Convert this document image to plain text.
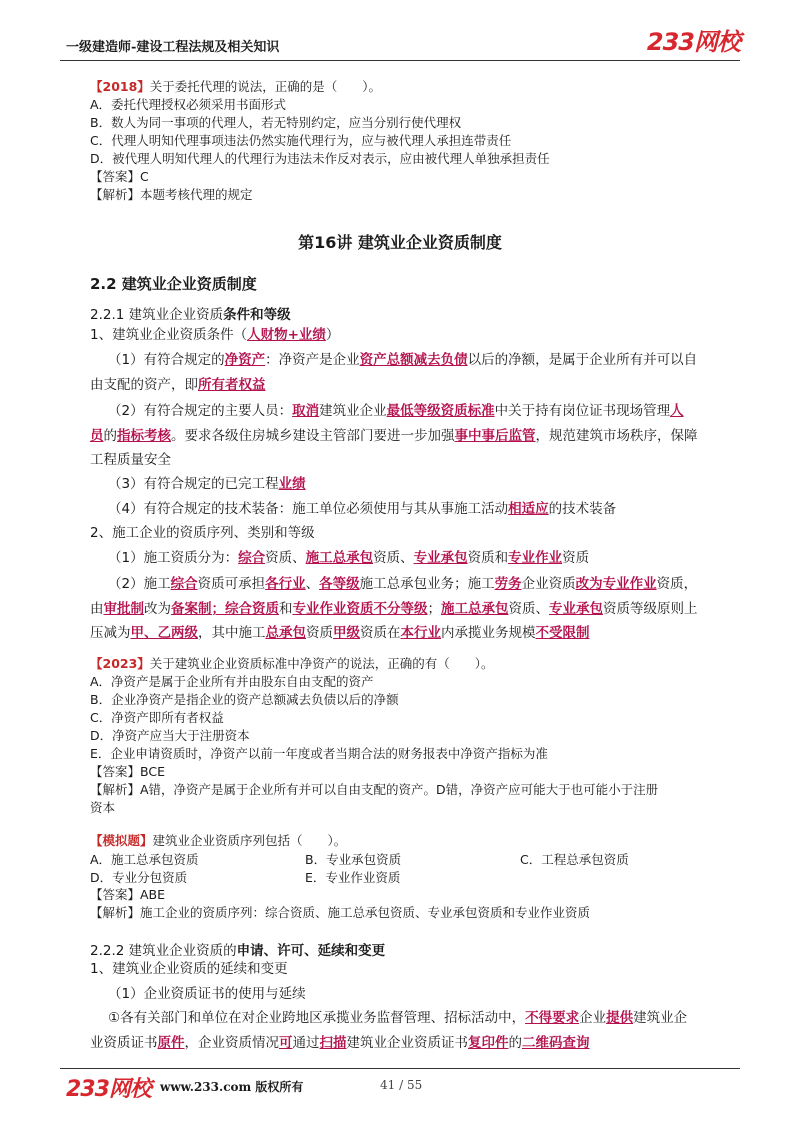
一级建造师-建设工程法规及相关知识	233网校
【2018】关于委托代理的说法，正确的是（　　）。
A．委托代理授权必须采用书面形式
B．数人为同一事项的代理人，若无特别约定，应当分别行使代理权
C．代理人明知代理事项违法仍然实施代理行为，应与被代理人承担连带责任
D．被代理人明知代理人的代理行为违法未作反对表示，应由被代理人单独承担责任
【答案】C
【解析】本题考核代理的规定
第16讲 建筑业企业资质制度
2.2 建筑业企业资质制度
2.2.1 建筑业企业资质条件和等级
1、建筑业企业资质条件（人财物+业绩）
（1）有符合规定的净资产：净资产是企业资产总额减去负债以后的净额，是属于企业所有并可以自
由支配的资产，即所有者权益
（2）有符合规定的主要人员：取消建筑业企业最低等级资质标准中关于持有岗位证书现场管理人
员的指标考核。要求各级住房城乡建设主管部门要进一步加强事中事后监管，规范建筑市场秩序，保障
工程质量安全
（3）有符合规定的已完工程业绩
（4）有符合规定的技术装备：施工单位必须使用与其从事施工活动相适应的技术装备
2、施工企业的资质序列、类别和等级
（1）施工资质分为：综合资质、施工总承包资质、专业承包资质和专业作业资质
（2）施工综合资质可承担各行业、各等级施工总承包业务；施工劳务企业资质改为专业作业资质，
由审批制改为备案制；综合资质和专业作业资质不分等级；施工总承包资质、专业承包资质等级原则上
压减为甲、乙两级，其中施工总承包资质甲级资质在本行业内承揽业务规模不受限制
【2023】关于建筑业企业资质标准中净资产的说法，正确的有（　　）。
A．净资产是属于企业所有并由股东自由支配的资产
B．企业净资产是指企业的资产总额减去负债以后的净额
C．净资产即所有者权益
D．净资产应当大于注册资本
E．企业申请资质时，净资产以前一年度或者当期合法的财务报表中净资产指标为准
【答案】BCE
【解析】A错，净资产是属于企业所有并可以自由支配的资产。D错，净资产应可能大于也可能小于注册
资本
【模拟题】建筑业企业资质序列包括（　　）。
A．施工总承包资质	B．专业承包资质	C．工程总承包资质
D．专业分包资质	E．专业作业资质
【答案】ABE
【解析】施工企业的资质序列：综合资质、施工总承包资质、专业承包资质和专业作业资质
2.2.2 建筑业企业资质的申请、许可、延续和变更
1、建筑业企业资质的延续和变更
（1）企业资质证书的使用与延续
①各有关部门和单位在对企业跨地区承揽业务监督管理、招标活动中，不得要求企业提供建筑业企
业资质证书原件，企业资质情况可通过扫描建筑业企业资质证书复印件的二维码查询
233网校 www.233.com 版权所有	41 / 55
